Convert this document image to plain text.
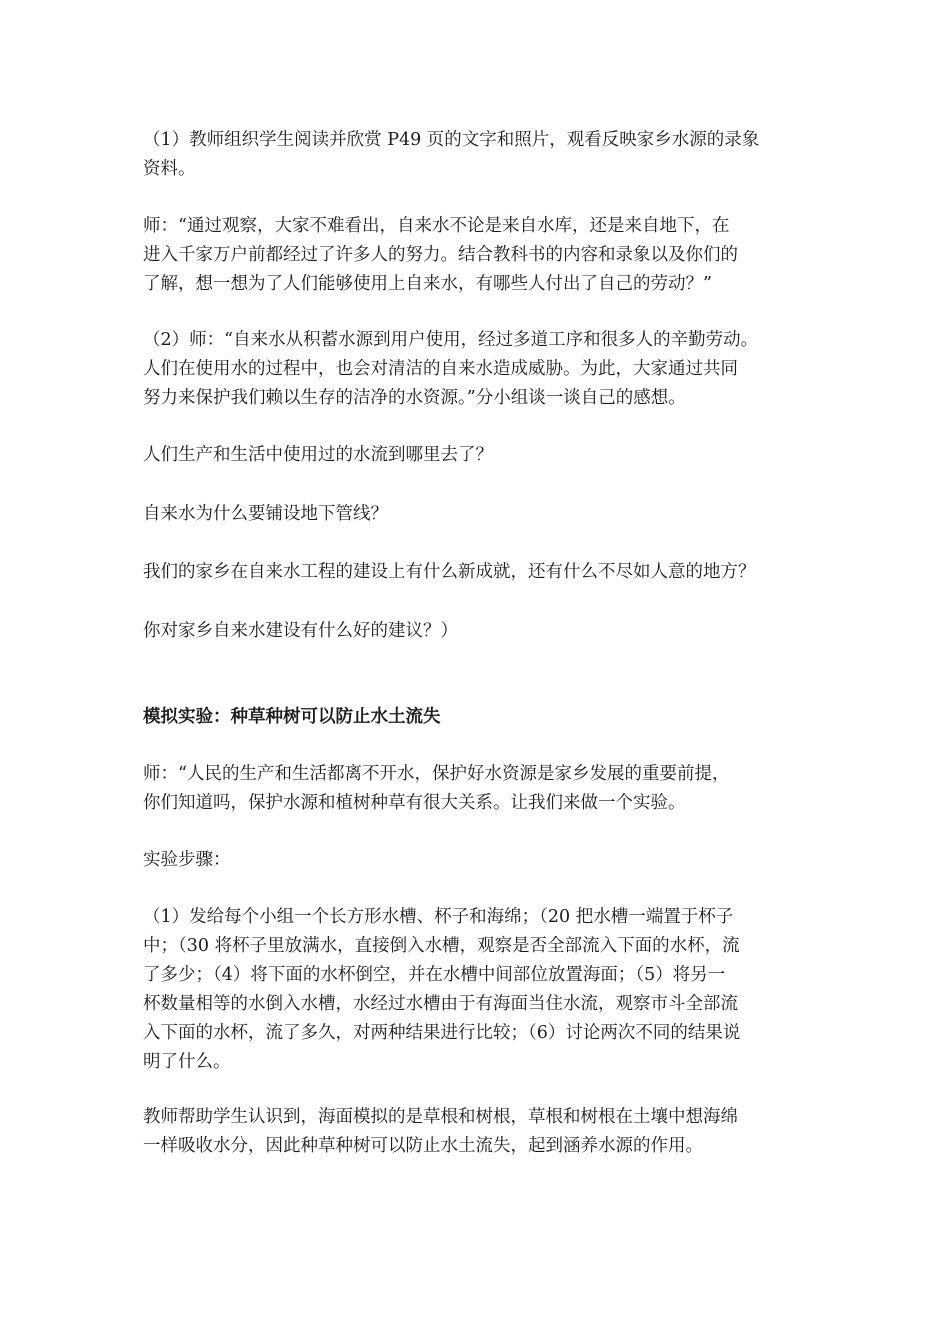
（1）教师组织学生阅读并欣赏 P49 页的文字和照片，观看反映家乡水源的录象
资料。

师：“通过观察，大家不难看出，自来水不论是来自水库，还是来自地下，在
进入千家万户前都经过了许多人的努力。结合教科书的内容和录象以及你们的
了解，想一想为了人们能够使用上自来水，有哪些人付出了自己的劳动？”

（2）师：“自来水从积蓄水源到用户使用，经过多道工序和很多人的辛勤劳动。
人们在使用水的过程中，也会对清洁的自来水造成威胁。为此，大家通过共同
努力来保护我们赖以生存的洁净的水资源。”分小组谈一谈自己的感想。

人们生产和生活中使用过的水流到哪里去了？

自来水为什么要铺设地下管线？

我们的家乡在自来水工程的建设上有什么新成就，还有什么不尽如人意的地方？

你对家乡自来水建设有什么好的建议？）

模拟实验：种草种树可以防止水土流失

师：“人民的生产和生活都离不开水，保护好水资源是家乡发展的重要前提，
你们知道吗，保护水源和植树种草有很大关系。让我们来做一个实验。

实验步骤：

（1）发给每个小组一个长方形水槽、杯子和海绵；（20 把水槽一端置于杯子
中；（30 将杯子里放满水，直接倒入水槽，观察是否全部流入下面的水杯，流
了多少；（4）将下面的水杯倒空，并在水槽中间部位放置海面；（5）将另一
杯数量相等的水倒入水槽，水经过水槽由于有海面当住水流，观察市斗全部流
入下面的水杯，流了多久，对两种结果进行比较；（6）讨论两次不同的结果说
明了什么。

教师帮助学生认识到，海面模拟的是草根和树根，草根和树根在土壤中想海绵
一样吸收水分，因此种草种树可以防止水土流失，起到涵养水源的作用。
